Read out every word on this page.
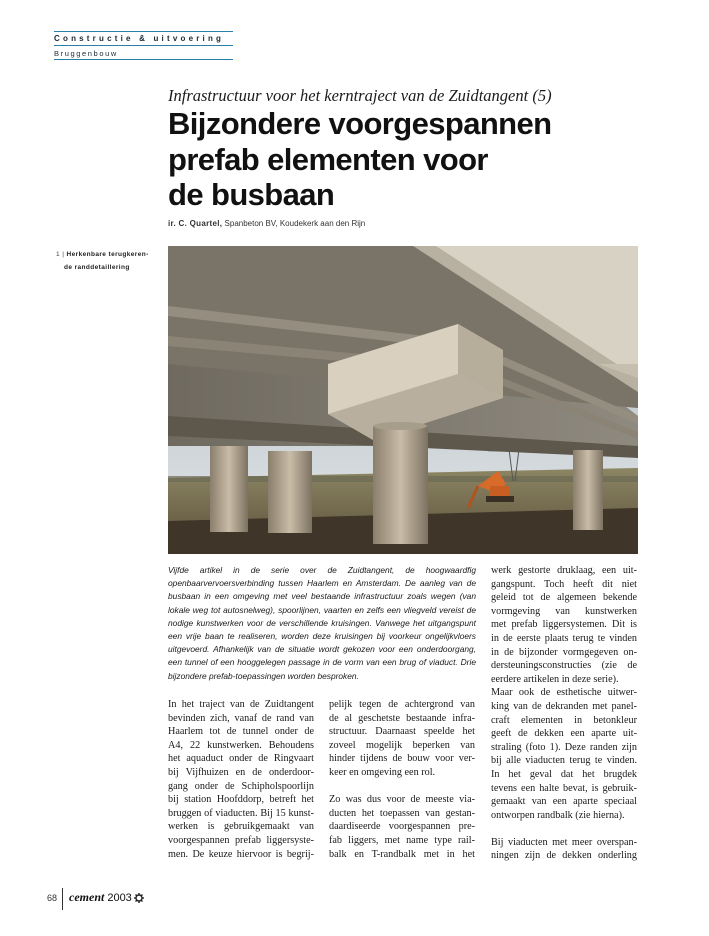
Constructie & uitvoering
Bruggenbouw
Infrastructuur voor het kerntraject van de Zuidtangent (5)
Bijzondere voorgespannen
prefab elementen voor
de busbaan
ir. C. Quartel, Spanbeton BV, Koudekerk aan den Rijn
1 | Herkenbare terugkeren-
de randdetaillering
Vijfde artikel in de serie over de Zuidtangent, de hoogwaardfig openbaarvervoersverbinding tussen Haarlem en Amsterdam. De aanleg van de busbaan in een omgeving met veel bestaande infrastructuur zoals wegen (van lokale weg tot autosnelweg), spoorlijnen, vaarten en zelfs een vliegveld vereist de nodige kunstwerken voor de verschillende kruisingen. Vanwege het uitgangspunt een vrije baan te realiseren, worden deze kruisingen bij voorkeur ongelijkvloers uitgevoerd. Afhankelijk van de situatie wordt gekozen voor een onderdoorgang, een tunnel of een hooggelegen passage in de vorm van een brug of viaduct. Drie bijzondere prefab-toepassingen worden besproken.
In het traject van de Zuidtangent
bevinden zich, vanaf de rand van
Haarlem tot de tunnel onder de
A4, 22 kunstwerken. Behoudens
het aquaduct onder de Ringvaart
bij Vijfhuizen en de onderdoor-
gang onder de Schipholspoorlijn
bij station Hoofddorp, betreft het
bruggen of viaducten. Bij 15 kunst-
werken is gebruikgemaakt van
voorgespannen prefab liggersyste-
men. De keuze hiervoor is begrij-
pelijk tegen de achtergrond van
de al geschetste bestaande infra-
structuur. Daarnaast speelde het
zoveel mogelijk beperken van
hinder tijdens de bouw voor ver-
keer en omgeving een rol.
Zo was dus voor de meeste via-
ducten het toepassen van gestan-
daardiseerde voorgespannen pre-
fab liggers, met name type rail-
balk en T-randbalk met in het
werk gestorte druklaag, een uit-
gangspunt. Toch heeft dit niet
geleid tot de algemeen bekende
vormgeving van kunstwerken
met prefab liggersystemen. Dit is
in de eerste plaats terug te vinden
in de bijzonder vormgegeven on-
dersteuningsconstructies (zie de
eerdere artikelen in deze serie).
Maar ook de esthetische uitwer-
king van de dekranden met panel-
craft elementen in betonkleur
geeft de dekken een aparte uit-
straling (foto 1). Deze randen zijn
bij alle viaducten terug te vinden.
In het geval dat het brugdek
tevens een halte bevat, is gebruik-
gemaakt van een aparte speciaal
ontworpen randbalk (zie hierna).
Bij viaducten met meer overspan-
ningen zijn de dekken onderling
68 cement 2003
